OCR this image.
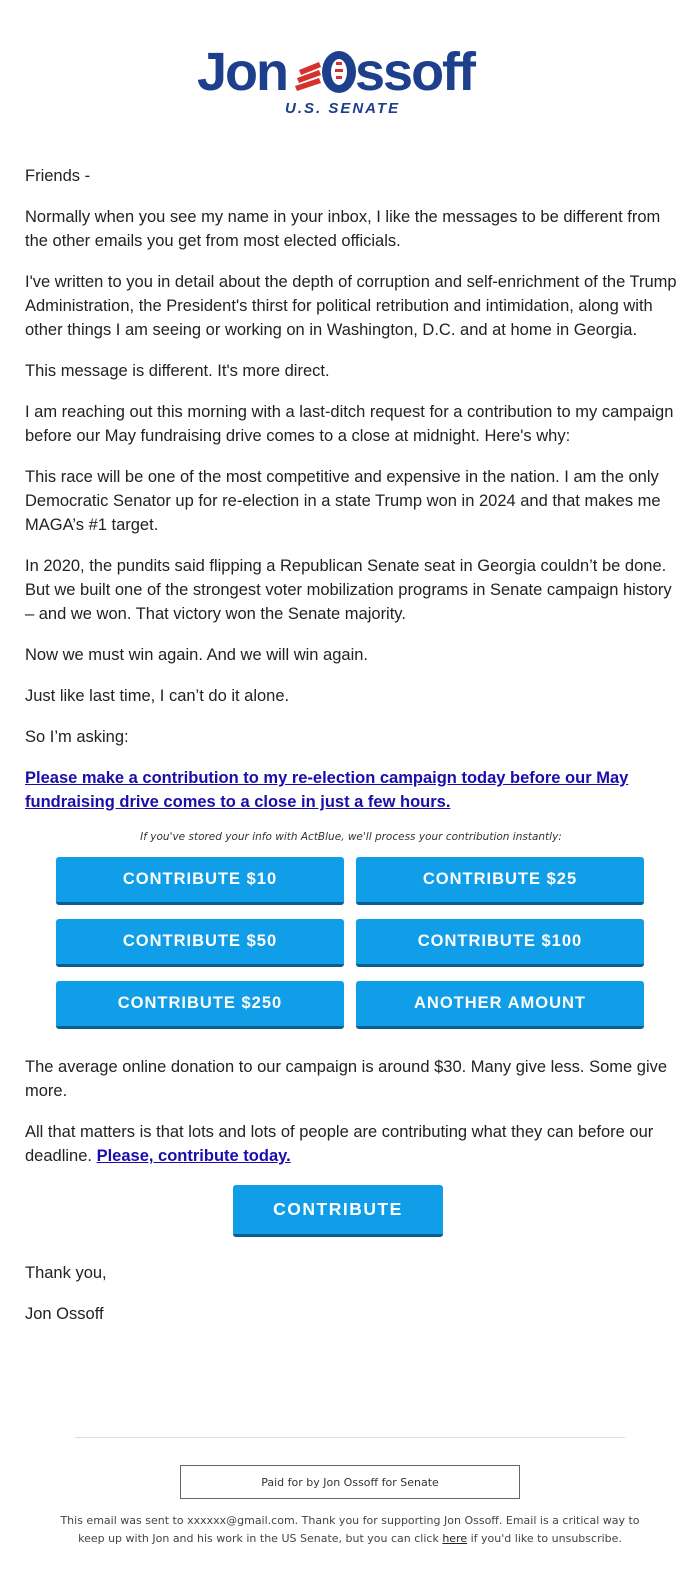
Jon ssoff
U.S. SENATE

Friends -

Normally when you see my name in your inbox, I like the messages to be different from the other emails you get from most elected officials.

I've written to you in detail about the depth of corruption and self-enrichment of the Trump Administration, the President's thirst for political retribution and intimidation, along with other things I am seeing or working on in Washington, D.C. and at home in Georgia.

This message is different. It's more direct.

I am reaching out this morning with a last-ditch request for a contribution to my campaign before our May fundraising drive comes to a close at midnight. Here's why:

This race will be one of the most competitive and expensive in the nation. I am the only Democratic Senator up for re-election in a state Trump won in 2024 and that makes me MAGA’s #1 target.

In 2020, the pundits said flipping a Republican Senate seat in Georgia couldn’t be done. But we built one of the strongest voter mobilization programs in Senate campaign history – and we won. That victory won the Senate majority.

Now we must win again. And we will win again.

Just like last time, I can’t do it alone.

So I’m asking:

Please make a contribution to my re-election campaign today before our May fundraising drive comes to a close in just a few hours.

If you've stored your info with ActBlue, we'll process your contribution instantly:
CONTRIBUTE $10	CONTRIBUTE $25
CONTRIBUTE $50	CONTRIBUTE $100
CONTRIBUTE $250	ANOTHER AMOUNT

The average online donation to our campaign is around $30. Many give less. Some give more.

All that matters is that lots and lots of people are contributing what they can before our deadline. Please, contribute today.

CONTRIBUTE

Thank you,

Jon Ossoff

Paid for by Jon Ossoff for Senate
This email was sent to xxxxxx@gmail.com. Thank you for supporting Jon Ossoff. Email is a critical way to keep up with Jon and his work in the US Senate, but you can click here if you'd like to unsubscribe.
